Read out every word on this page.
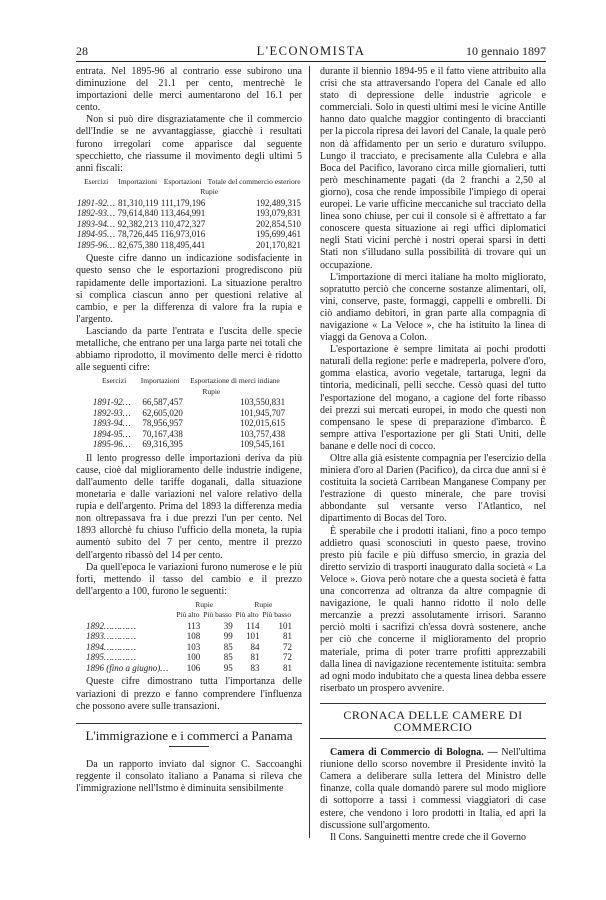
28	L'ECONOMISTA	10 gennaio 1897

entrata. Nel 1895-96 al contrario esse subirono una diminuzione del 21.1 per cento, mentrechè le importazioni delle merci aumentarono del 16.1 per cento.

Non si può dire disgraziatamente che il commercio dell'Indie se ne avvantaggiasse, giacchè i resultati furono irregolari come apparisce dal seguente specchietto, che riassume il movimento degli ultimi 5 anni fiscali:

Esercizi	Importazioni	Esportazioni	Totale del commercio esteriore
	Rupie		
1891-92…	81,310,119	111,179,196	192,489,315
1892-93…	79,614,840	113,464,991	193,079,831
1893-94…	92,382,213	110,472,327	202,854,510
1894-95…	78,726,445	116,973,016	195,699,461
1895-96…	82,675,380	118,495,441	201,170,821

Queste cifre danno un indicazione sodisfaciente in questo senso che le esportazioni progrediscono più rapidamente delle importazioni. La situazione peraltro si complica ciascun anno per questioni relative al cambio, e per la differenza di valore fra la rupia e l'argento.

Lasciando da parte l'entrata e l'uscita delle specie metalliche, che entrano per una larga parte nei totali che abbiamo riprodotto, il movimento delle merci è ridotto alle seguenti cifre:

Esercizi	Importazioni	Esportazione di merci indiane
	Rupie	
1891-92…	66,587,457	103,550,831
1892-93…	62,605,020	101,945,707
1893-94…	78,956,957	102,015,615
1894-95…	70,167,438	103,757,438
1895-96…	69,316,395	109,545,161

Il lento progresso delle importazioni deriva da più cause, cioè dal miglioramento delle industrie indigene, dall'aumento delle tariffe doganali, dalla situazione monetaria e dalle variazioni nel valore relativo della rupia e dell'argento. Prima del 1893 la differenza media non oltrepassava fra i due prezzi l'un per cento. Nel 1893 allorchè fu chiuso l'ufficio della moneta, la rupia aumentò subito del 7 per cento, mentre il prezzo dell'argento ribassò del 14 per cento.

Da quell'epoca le variazioni furono numerose e le più forti, mettendo il tasso del cambio e il prezzo dell'argento a 100, furono le seguenti:

	Rupie		Rupie	
	Più alto	Più basso	Più alto	Più basso
1892…………	113	39	114	101
1893…………	108	99	101	81
1894…………	103	85	84	72
1895…………	100	85	81	72
1896 (fino a giugno)…	106	95	83	81

Queste cifre dimostrano tutta l'importanza delle variazioni di prezzo e fanno comprendere l'influenza che possono avere sulle transazioni.

L'immigrazione e i commerci a Panama

Da un rapporto inviato dal signor C. Saccoanghi reggente il consolato italiano a Panama si rileva che l'immigrazione nell'Istmo è diminuita sensibilmente

durante il biennio 1894-95 e il fatto viene attribuito alla crisi che sta attraversando l'opera del Canale ed allo stato di depressione delle industrie agricole e commerciali. Solo in questi ultimi mesi le vicine Antille hanno dato qualche maggior contingento di braccianti per la piccola ripresa dei lavori del Canale, la quale però non dà affidamento per un serio e duraturo sviluppo. Lungo il tracciato, e precisamente alla Culebra e alla Boca del Pacifico, lavorano circa mille giornalieri, tutti però meschinamente pagati (da 2 franchi a 2,50 al giorno), cosa che rende impossibile l'impiego di operai europei. Le varie ufficine meccaniche sul tracciato della linea sono chiuse, per cui il console si è affrettato a far conoscere questa situazione ai regi uffici diplomatici negli Stati vicini perchè i nostri operai sparsi in detti Stati non s'illudano sulla possibilità di trovare qui un occupazione.

L'importazione di merci italiane ha molto migliorato, sopratutto perciò che concerne sostanze alimentari, olî, vini, conserve, paste, formaggi, cappelli e ombrelli. Di ciò andiamo debitori, in gran parte alla compagnia di navigazione « La Veloce », che ha istituito la linea di viaggi da Genova a Colon.

L'esportazione è sempre limitata ai pochi prodotti naturali della regione: perle e madreperla, polvere d'oro, gomma elastica, avorio vegetale, tartaruga, legni da tintoria, medicinali, pelli secche. Cessò quasi del tutto l'esportazione del mogano, a cagione del forte ribasso dei prezzi sui mercati europei, in modo che questi non compensano le spese di preparazione d'imbarco. È sempre attiva l'esportazione per gli Stati Uniti, delle banane e delle noci di cocco.

Oltre alla già esistente compagnia per l'esercizio della miniera d'oro al Darien (Pacifico), da circa due anni si è costituita la società Carribean Manganese Company per l'estrazione di questo minerale, che pare trovisi abbondante sul versante verso l'Atlantico, nel dipartimento di Bocas del Toro.

È sperabile che i prodotti italiani, fino a poco tempo addietro quasi sconosciuti in questo paese, trovino presto più facile e più diffuso smercio, in grazia del diretto servizio di trasporti inaugurato dalla società « La Veloce ». Giova però notare che a questa società è fatta una concorrenza ad oltranza da altre compagnie di navigazione, le quali hanno ridotto il nolo delle mercanzie a prezzi assolutamente irrisori. Saranno perciò molti i sacrifizi ch'essa dovrà sostenere, anche per ciò che concerne il miglioramento del proprio materiale, prima di poter trarre profitti apprezzabili dalla linea di navigazione recentemente istituita: sembra ad ogni modo indubitato che a questa linea debba essere riserbato un prospero avvenire.

CRONACA DELLE CAMERE DI COMMERCIO

Camera di Commercio di Bologna. — Nell'ultima riunione dello scorso novembre il Presidente invitò la Camera a deliberare sulla lettera del Ministro delle finanze, colla quale domandò parere sul modo migliore di sottoporre a tassi i commessi viaggiatori di case estere, che vendono i loro prodotti in Italia, ed aprì la discussione sull'argomento.

Il Cons. Sanguinetti mentre crede che il Governo
